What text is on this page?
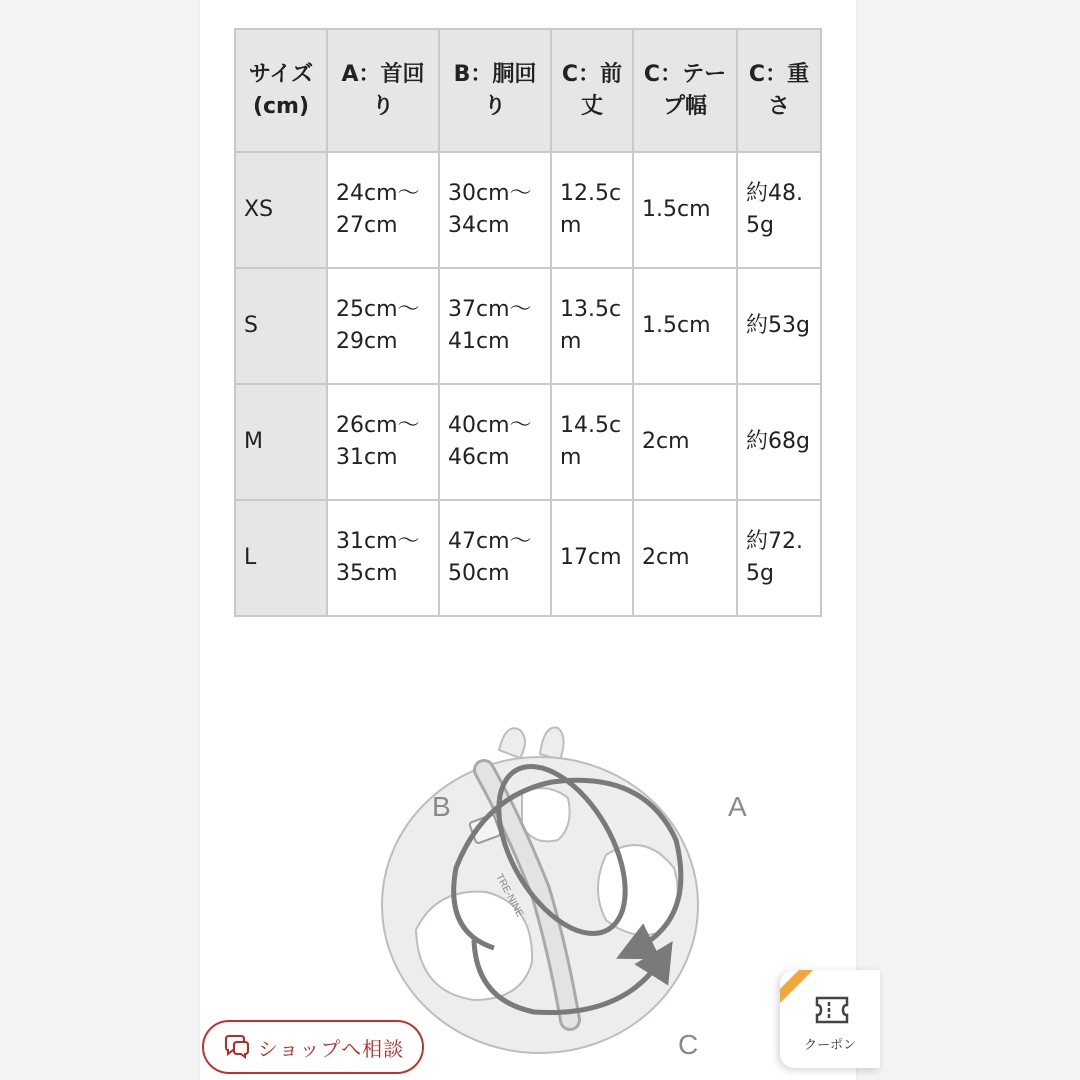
サイズ(cm)	A：首回り	B：胴回り	C：前丈	C：テープ幅	C：重さ
XS	24cm～27cm	30cm～34cm	12.5cm	1.5cm	約48.5g
S	25cm～29cm	37cm～41cm	13.5cm	1.5cm	約53g
M	26cm～31cm	40cm～46cm	14.5cm	2cm	約68g
L	31cm～35cm	47cm～50cm	17cm	2cm	約72.5g
TRE-NINE
B	A
C
ショップへ相談	クーポン
